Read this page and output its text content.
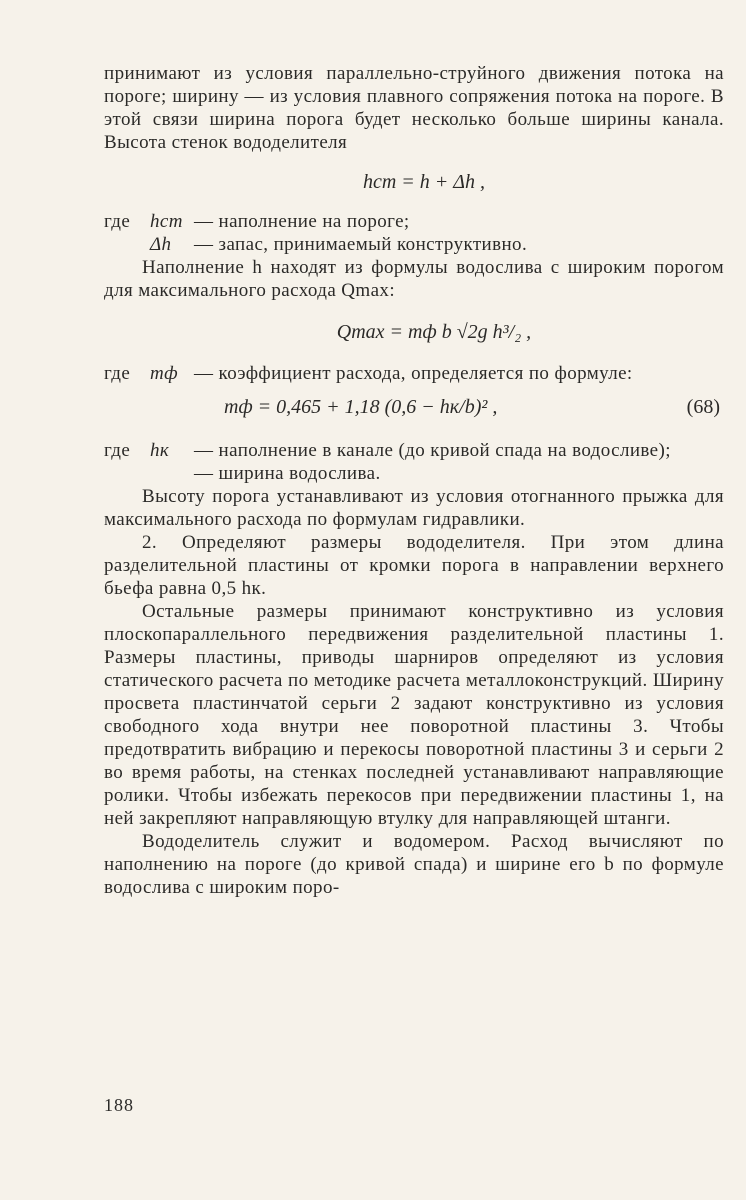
принимают из условия параллельно-струйного движения потока на пороге; ширину — из условия плавного сопряжения потока на пороге. В этой связи ширина порога будет несколько больше ширины канала. Высота стенок вододелителя

hст = h + Δh ,
где	hст — наполнение на пороге;
Δh	— запас, принимаемый конструктивно.

Наполнение h находят из формулы водослива с широким порогом для максимального расхода Qmax:

Qmax = mф b √2g h³/₂ ,
где	mф — коэффициент расхода, определяется по формуле:
mф = 0,465 + 1,18 (0,6 − hк/b)² ,	(68)
где	hк	— наполнение в канале (до кривой спада на водосливе);
— ширина водослива.

Высоту порога устанавливают из условия отогнанного прыжка для максимального расхода по формулам гидравлики.

2. Определяют размеры вододелителя. При этом длина разделительной пластины от кромки порога в направлении верхнего бьефа равна 0,5 hк.

Остальные размеры принимают конструктивно из условия плоскопараллельного передвижения разделительной пластины 1. Размеры пластины, приводы шарниров определяют из условия статического расчета по методике расчета металлоконструкций. Ширину просвета пластинчатой серьги 2 задают конструктивно из условия свободного хода внутри нее поворотной пластины 3. Чтобы предотвратить вибрацию и перекосы поворотной пластины 3 и серьги 2 во время работы, на стенках последней устанавливают направляющие ролики. Чтобы избежать перекосов при передвижении пластины 1, на ней закрепляют направляющую втулку для направляющей штанги.

Вододелитель служит и водомером. Расход вычисляют по наполнению на пороге (до кривой спада) и ширине его b по формуле водослива с широким поро-

188
